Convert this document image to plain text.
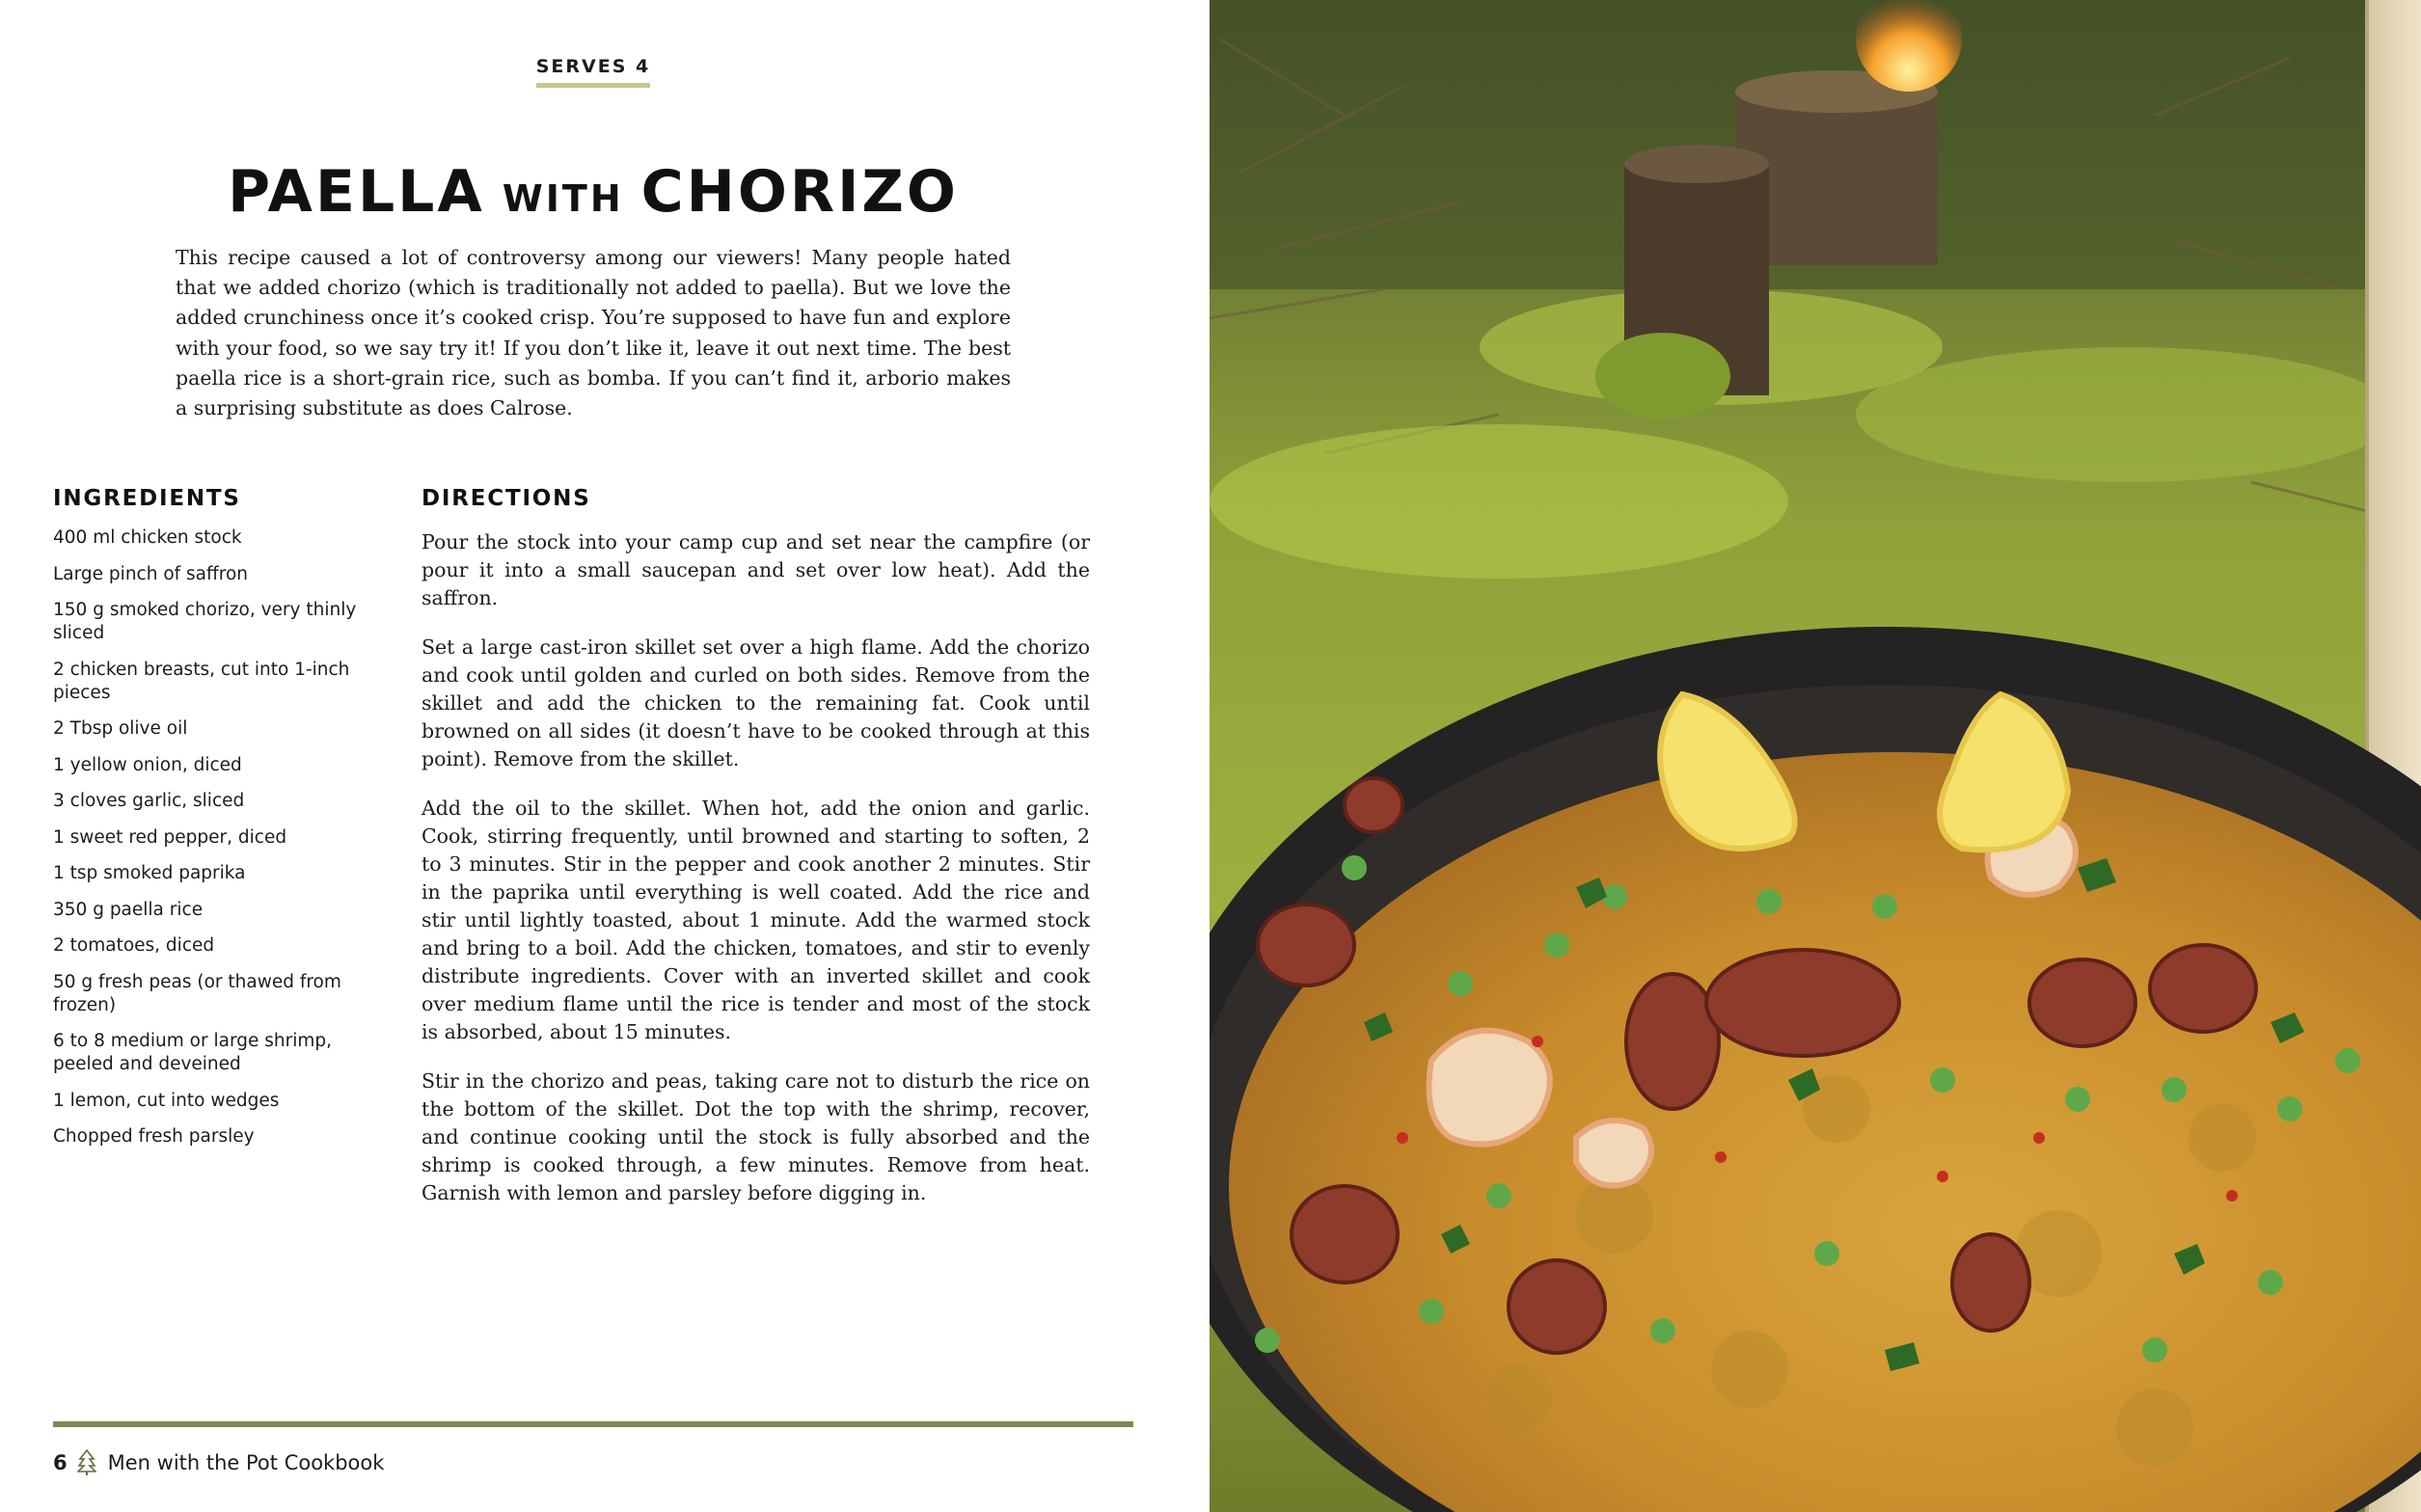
SERVES 4
PAELLA WITH CHORIZO

This recipe caused a lot of controversy among our viewers! Many people hated that we added chorizo (which is traditionally not added to paella). But we love the added crunchiness once it’s cooked crisp. You’re supposed to have fun and explore with your food, so we say try it! If you don’t like it, leave it out next time. The best paella rice is a short-grain rice, such as bomba. If you can’t find it, arborio makes a surprising substitute as does Calrose.

INGREDIENTS
400 ml chicken stock
Large pinch of saffron
150 g smoked chorizo, very thinly sliced
2 chicken breasts, cut into 1-inch pieces
2 Tbsp olive oil
1 yellow onion, diced
3 cloves garlic, sliced
1 sweet red pepper, diced
1 tsp smoked paprika
350 g paella rice
2 tomatoes, diced
50 g fresh peas (or thawed from frozen)
6 to 8 medium or large shrimp, peeled and deveined
1 lemon, cut into wedges
Chopped fresh parsley
DIRECTIONS

Pour the stock into your camp cup and set near the campfire (or pour it into a small saucepan and set over low heat). Add the saffron.

Set a large cast-iron skillet set over a high flame. Add the chorizo and cook until golden and curled on both sides. Remove from the skillet and add the chicken to the remaining fat. Cook until browned on all sides (it doesn’t have to be cooked through at this point). Remove from the skillet.

Add the oil to the skillet. When hot, add the onion and garlic. Cook, stirring frequently, until browned and starting to soften, 2 to 3 minutes. Stir in the pepper and cook another 2 minutes. Stir in the paprika until everything is well coated. Add the rice and stir until lightly toasted, about 1 minute. Add the warmed stock and bring to a boil. Add the chicken, tomatoes, and stir to evenly distribute ingredients. Cover with an inverted skillet and cook over medium flame until the rice is tender and most of the stock is absorbed, about 15 minutes.

Stir in the chorizo and peas, taking care not to disturb the rice on the bottom of the skillet. Dot the top with the shrimp, recover, and continue cooking until the stock is fully absorbed and the shrimp is cooked through, a few minutes. Remove from heat. Garnish with lemon and parsley before digging in.

6 Men with the Pot Cookbook
